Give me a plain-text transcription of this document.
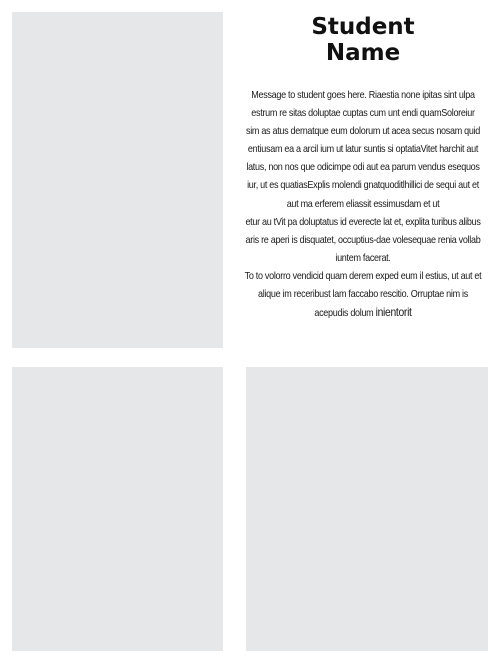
Student
Name

Message to student goes here. Riaestia none ipitas sint ulpa estrum re sitas doluptae cuptas cum unt endi quamSoloreiur sim as atus dernatque eum dolorum ut acea secus nosam quid entiusam ea a arcil ium ut latur suntis si optatiaVitet harchit aut latus, non nos que odicimpe odi aut ea parum vendus esequos iur, ut es quatiasExplis molendi gnatquoditlhillici de sequi aut et aut ma erferem eliassit essimusdam et ut

etur au tVit pa doluptatus id everecte lat et, explita turibus alibus aris re aperi is disquatet, occuptius-dae volesequae renia vollab iuntem facerat.

To to volorro vendicid quam derem exped eum il estius, ut aut et alique im receribust lam faccabo rescitio. Orruptae nim is acepudis dolum inientorit
